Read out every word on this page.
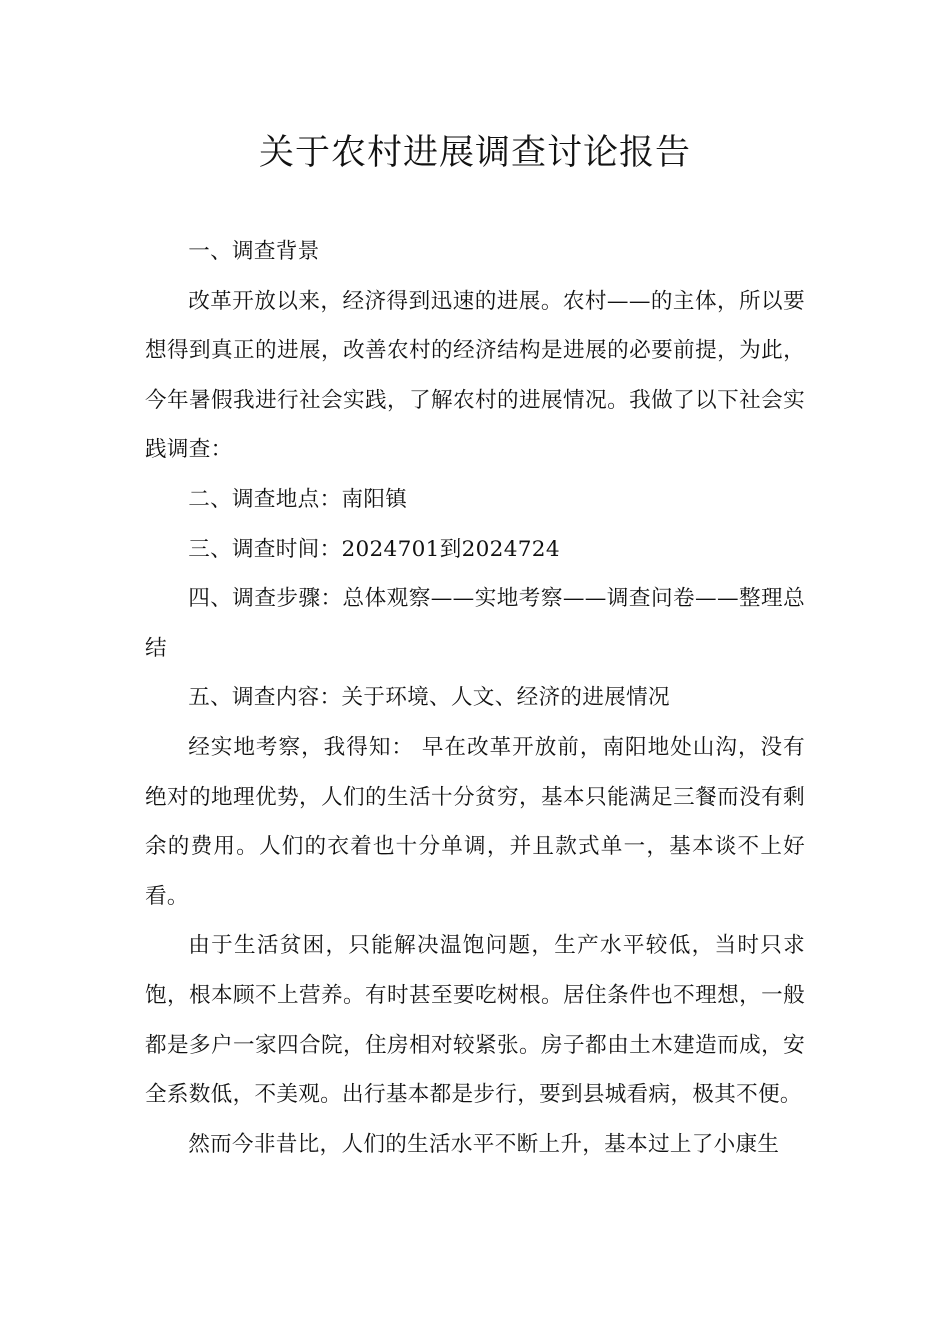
关于农村进展调查讨论报告

一、调查背景

改革开放以来，经济得到迅速的进展。农村——的主体，所以要想得到真正的进展，改善农村的经济结构是进展的必要前提，为此，今年暑假我进行社会实践，了解农村的进展情况。我做了以下社会实践调查：

二、调查地点：南阳镇

三、调查时间：2024701到2024724

四、调查步骤：总体观察——实地考察——调查问卷——整理总结

五、调查内容：关于环境、人文、经济的进展情况

经实地考察，我得知： 早在改革开放前，南阳地处山沟，没有绝对的地理优势，人们的生活十分贫穷，基本只能满足三餐而没有剩余的费用。人们的衣着也十分单调，并且款式单一，基本谈不上好看。

由于生活贫困，只能解决温饱问题，生产水平较低，当时只求饱，根本顾不上营养。有时甚至要吃树根。居住条件也不理想，一般都是多户一家四合院，住房相对较紧张。房子都由土木建造而成，安全系数低，不美观。出行基本都是步行，要到县城看病，极其不便。

然而今非昔比，人们的生活水平不断上升，基本过上了小康生
